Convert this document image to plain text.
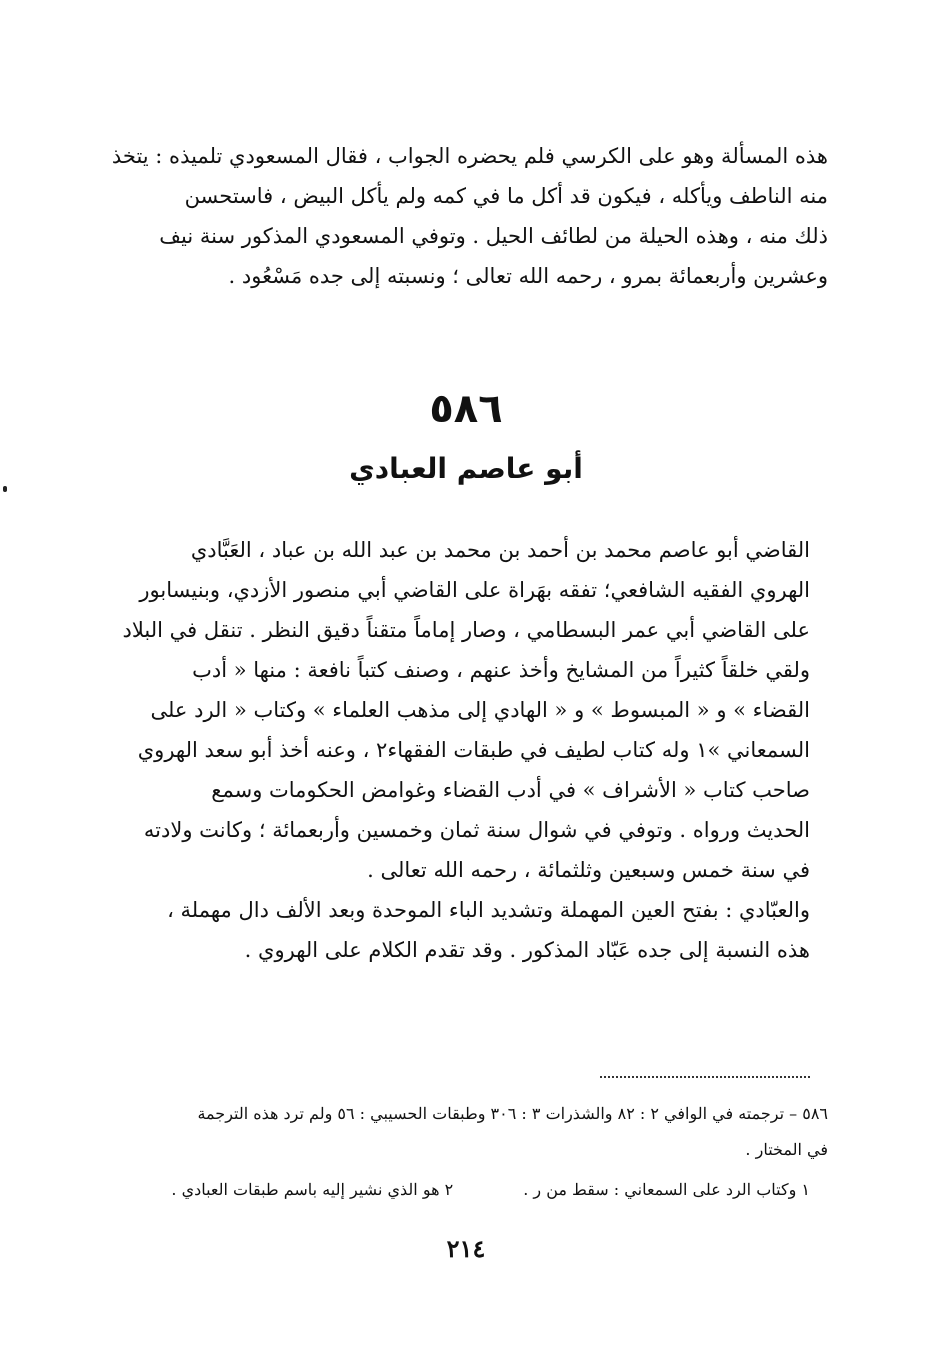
هذه المسألة وهو على الكرسي فلم يحضره الجواب ، فقال المسعودي تلميذه : يتخذ
منه الناطف ويأكله ، فيكون قد أكل ما في كمه ولم يأكل البيض ، فاستحسن
ذلك منه ، وهذه الحيلة من لطائف الحيل . وتوفي المسعودي المذكور سنة نيف
وعشرين وأربعمائة بمرو ، رحمه الله تعالى ؛ ونسبته إلى جده مَسْعُود .
٥٨٦
أبو عاصم العبادي
القاضي أبو عاصم محمد بن أحمد بن محمد بن عبد الله بن عباد ، العَبَّادي
الهروي الفقيه الشافعي؛ تفقه بهَراة على القاضي أبي منصور الأزدي، وبنيسابور
على القاضي أبي عمر البسطامي ، وصار إماماً متقناً دقيق النظر . تنقل في البلاد
ولقي خلقاً كثيراً من المشايخ وأخذ عنهم ، وصنف كتباً نافعة : منها « أدب
القضاء » و « المبسوط » و « الهادي إلى مذهب العلماء » وكتاب « الرد على
السمعاني »١ وله كتاب لطيف في طبقات الفقهاء٢ ، وعنه أخذ أبو سعد الهروي
صاحب كتاب « الأشراف » في أدب القضاء وغوامض الحكومات وسمع
الحديث ورواه . وتوفي في شوال سنة ثمان وخمسين وأربعمائة ؛ وكانت ولادته
في سنة خمس وسبعين وثلثمائة ، رحمه الله تعالى .
والعبّادي : بفتح العين المهملة وتشديد الباء الموحدة وبعد الألف دال مهملة ،
هذه النسبة إلى جده عَبّاد المذكور . وقد تقدم الكلام على الهروي .
٥٨٦ – ترجمته في الوافي ٢ : ٨٢ والشذرات ٣ : ٣٠٦ وطبقات الحسيبي : ٥٦ ولم ترد هذه الترجمة
في المختار .
١ وكتاب الرد على السمعاني : سقط من ر .٢ هو الذي نشير إليه باسم طبقات العبادي .
٢١٤
